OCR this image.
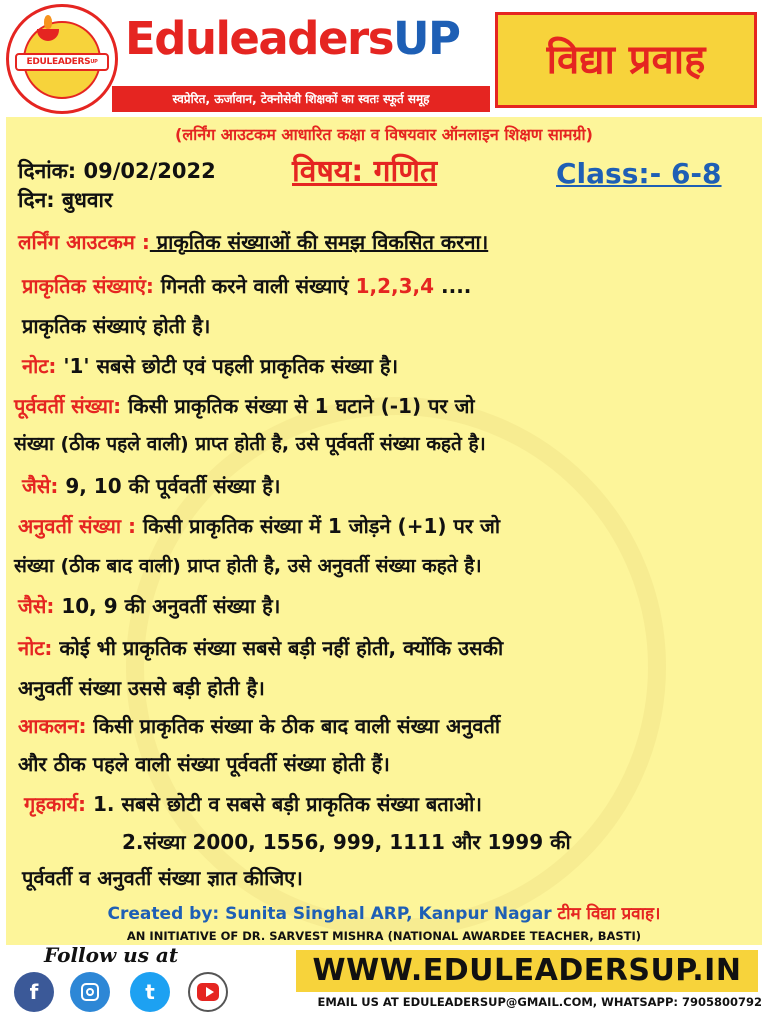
$EDULEADERS^{UP}$ EduleadersUP
स्वप्रेरित, ऊर्जावान, टेक्नोसेवी शिक्षकों का स्वतः स्फूर्त समूह
विद्या प्रवाह
(लर्निंग आउटकम आधारित कक्षा व विषयवार ऑनलाइन शिक्षण सामग्री)
दिनांक: 09/02/2022
दिन: बुधवार
विषय: गणित	Class:- 6-8
लर्निंग आउटकम : प्राकृतिक संख्याओं की समझ विकसित करना।
प्राकृतिक संख्याएं: गिनती करने वाली संख्याएं 1,2,3,4 ....
प्राकृतिक संख्याएं होती है।
नोट: '1' सबसे छोटी एवं पहली प्राकृतिक संख्या है।
पूर्ववर्ती संख्या: किसी प्राकृतिक संख्या से 1 घटाने (-1) पर जो
संख्या (ठीक पहले वाली) प्राप्त होती है, उसे पूर्ववर्ती संख्या कहते है।
जैसे: 9, 10 की पूर्ववर्ती संख्या है।
अनुवर्ती संख्या : किसी प्राकृतिक संख्या में 1 जोड़ने (+1) पर जो
संख्या (ठीक बाद वाली) प्राप्त होती है, उसे अनुवर्ती संख्या कहते है।
जैसे: 10, 9 की अनुवर्ती संख्या है।
नोट: कोई भी प्राकृतिक संख्या सबसे बड़ी नहीं होती, क्योंकि उसकी
अनुवर्ती संख्या उससे बड़ी होती है।
आकलन: किसी प्राकृतिक संख्या के ठीक बाद वाली संख्या अनुवर्ती
और ठीक पहले वाली संख्या पूर्ववर्ती संख्या होती हैं।
गृहकार्य: 1. सबसे छोटी व सबसे बड़ी प्राकृतिक संख्या बताओ।
2.संख्या 2000, 1556, 999, 1111 और 1999 की
पूर्ववर्ती व अनुवर्ती संख्या ज्ञात कीजिए।
Created by: Sunita Singhal ARP, Kanpur Nagar टीम विद्या प्रवाह।
AN INITIATIVE OF DR. SARVEST MISHRA (NATIONAL AWARDEE TEACHER, BASTI)
Follow us at
f	t
WWW.EDULEADERSUP.IN
EMAIL US AT EDULEADERSUP@GMAIL.COM, WHATSAPP: 7905800792
